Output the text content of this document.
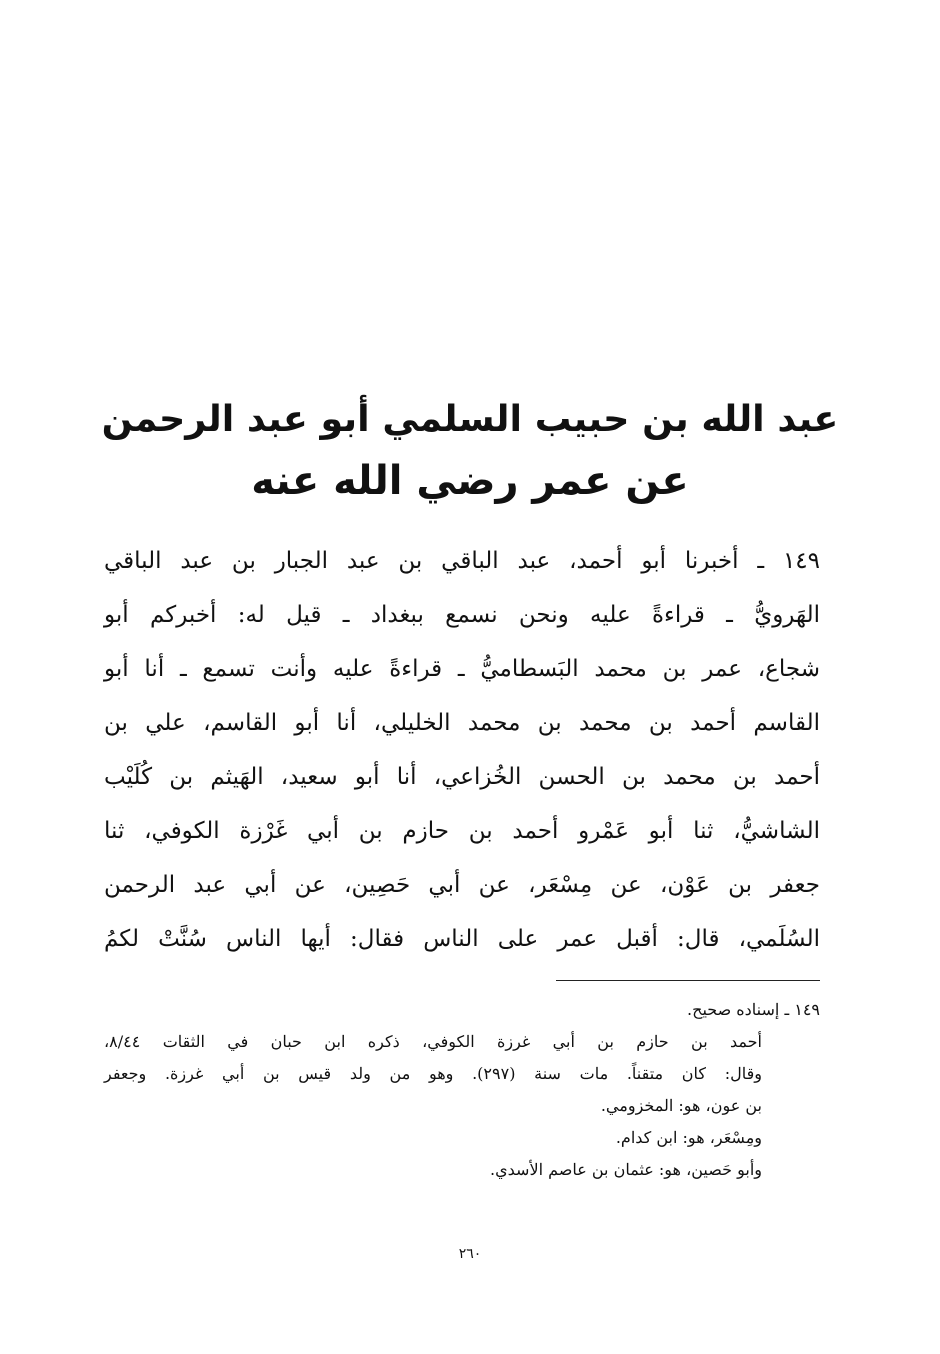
عبد الله بن حبيب السلمي أبو عبد الرحمن
عن عمر رضي الله عنه
١٤٩ ـ أخبرنا أبو أحمد، عبد الباقي بن عبد الجبار بن عبد الباقي
الهَرويُّ ـ قراءةً عليه ونحن نسمع ببغداد ـ قيل له: أخبركم أبو
شجاع، عمر بن محمد البَسطاميُّ ـ قراءةً عليه وأنت تسمع ـ أنا أبو
القاسم أحمد بن محمد بن محمد الخليلي، أنا أبو القاسم، علي بن
أحمد بن محمد بن الحسن الخُزاعي، أنا أبو سعيد، الهَيثم بن كُلَيْب
الشاشيُّ، ثنا أبو عَمْرو أحمد بن حازم بن أبي غَرْزة الكوفي، ثنا
جعفر بن عَوْن، عن مِسْعَر، عن أبي حَصِين، عن أبي عبد الرحمن
السُلَمي، قال: أقبل عمر على الناس فقال: أيها الناس سُنَّتْ لكمُ
١٤٩ ـ إسناده صحيح.
أحمد بن حازم بن أبي غرزة الكوفي، ذكره ابن حبان في الثقات ٨/٤٤،
وقال: كان متقناً. مات سنة (٢٩٧). وهو من ولد قيس بن أبي غرزة. وجعفر
بن عون، هو: المخزومي.
ومِسْعَر، هو: ابن كدام.
وأبو حَصين، هو: عثمان بن عاصم الأسدي.
٢٦٠
